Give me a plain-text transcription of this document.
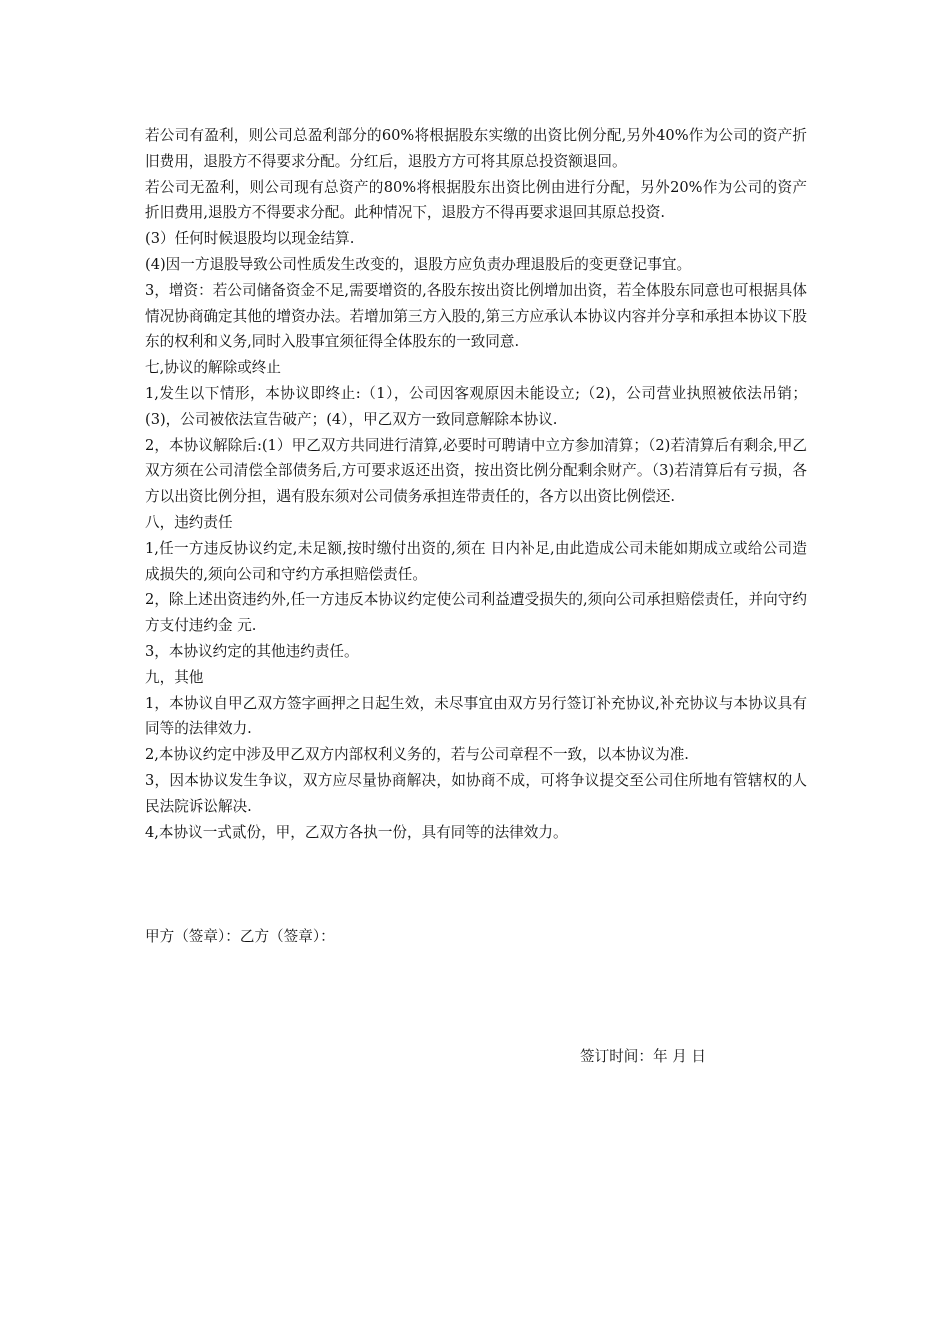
若公司有盈利，则公司总盈利部分的60%将根据股东实缴的出资比例分配,另外40%作为公司的资产折旧费用，退股方不得要求分配。分红后，退股方方可将其原总投资额退回。

若公司无盈利，则公司现有总资产的80%将根据股东出资比例由进行分配，另外20%作为公司的资产折旧费用,退股方不得要求分配。此种情况下，退股方不得再要求退回其原总投资.

(3）任何时候退股均以现金结算.

(4)因一方退股导致公司性质发生改变的，退股方应负责办理退股后的变更登记事宜。

3，增资：若公司储备资金不足,需要增资的,各股东按出资比例增加出资，若全体股东同意也可根据具体情况协商确定其他的增资办法。若增加第三方入股的,第三方应承认本协议内容并分享和承担本协议下股东的权利和义务,同时入股事宜须征得全体股东的一致同意.

七,协议的解除或终止

1,发生以下情形，本协议即终止:（1），公司因客观原因未能设立;（2)，公司营业执照被依法吊销；(3)，公司被依法宣告破产；(4），甲乙双方一致同意解除本协议.

2，本协议解除后:(1）甲乙双方共同进行清算,必要时可聘请中立方参加清算；（2)若清算后有剩余,甲乙双方须在公司清偿全部债务后,方可要求返还出资，按出资比例分配剩余财产。（3)若清算后有亏损，各方以出资比例分担，遇有股东须对公司债务承担连带责任的，各方以出资比例偿还.

八，违约责任

1,任一方违反协议约定,未足额,按时缴付出资的,须在 日内补足,由此造成公司未能如期成立或给公司造成损失的,须向公司和守约方承担赔偿责任。

2，除上述出资违约外,任一方违反本协议约定使公司利益遭受损失的,须向公司承担赔偿责任，并向守约方支付违约金 元.

3，本协议约定的其他违约责任。

九，其他

1，本协议自甲乙双方签字画押之日起生效，未尽事宜由双方另行签订补充协议,补充协议与本协议具有同等的法律效力.

2,本协议约定中涉及甲乙双方内部权利义务的，若与公司章程不一致，以本协议为准.

3，因本协议发生争议，双方应尽量协商解决，如协商不成，可将争议提交至公司住所地有管辖权的人民法院诉讼解决.

4,本协议一式贰份，甲，乙双方各执一份，具有同等的法律效力。

甲方（签章）：乙方（签章）：
签订时间：年 月 日
